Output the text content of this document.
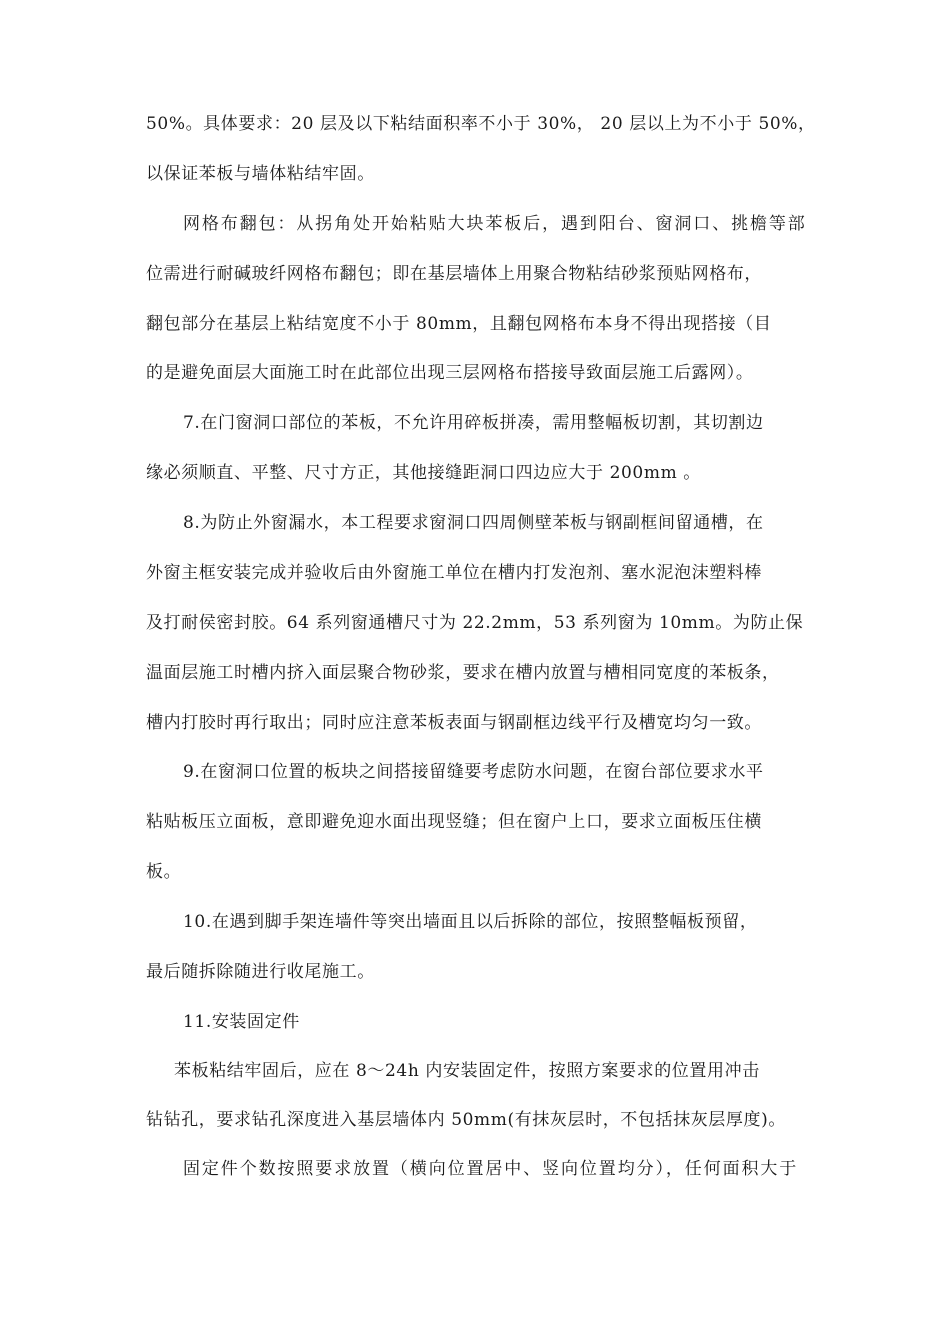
50%。具体要求：20 层及以下粘结面积率不小于 30%， 20 层以上为不小于 50%，
以保证苯板与墙体粘结牢固。
网格布翻包：从拐角处开始粘贴大块苯板后，遇到阳台、窗洞口、挑檐等部
位需进行耐碱玻纤网格布翻包；即在基层墙体上用聚合物粘结砂浆预贴网格布，
翻包部分在基层上粘结宽度不小于 80mm，且翻包网格布本身不得出现搭接（目
的是避免面层大面施工时在此部位出现三层网格布搭接导致面层施工后露网）。
7.在门窗洞口部位的苯板，不允许用碎板拼凑，需用整幅板切割，其切割边
缘必须顺直、平整、尺寸方正，其他接缝距洞口四边应大于 200mm 。
8.为防止外窗漏水，本工程要求窗洞口四周侧壁苯板与钢副框间留通槽，在
外窗主框安装完成并验收后由外窗施工单位在槽内打发泡剂、塞水泥泡沫塑料棒
及打耐侯密封胶。64 系列窗通槽尺寸为 22.2mm，53 系列窗为 10mm。为防止保
温面层施工时槽内挤入面层聚合物砂浆，要求在槽内放置与槽相同宽度的苯板条，
槽内打胶时再行取出；同时应注意苯板表面与钢副框边线平行及槽宽均匀一致。
9.在窗洞口位置的板块之间搭接留缝要考虑防水问题，在窗台部位要求水平
粘贴板压立面板，意即避免迎水面出现竖缝；但在窗户上口，要求立面板压住横
板。
10.在遇到脚手架连墙件等突出墙面且以后拆除的部位，按照整幅板预留，
最后随拆除随进行收尾施工。
11.安装固定件
苯板粘结牢固后，应在 8～24h 内安装固定件，按照方案要求的位置用冲击
钻钻孔，要求钻孔深度进入基层墙体内 50mm(有抹灰层时，不包括抹灰层厚度)。
固定件个数按照要求放置（横向位置居中、竖向位置均分），任何面积大于
